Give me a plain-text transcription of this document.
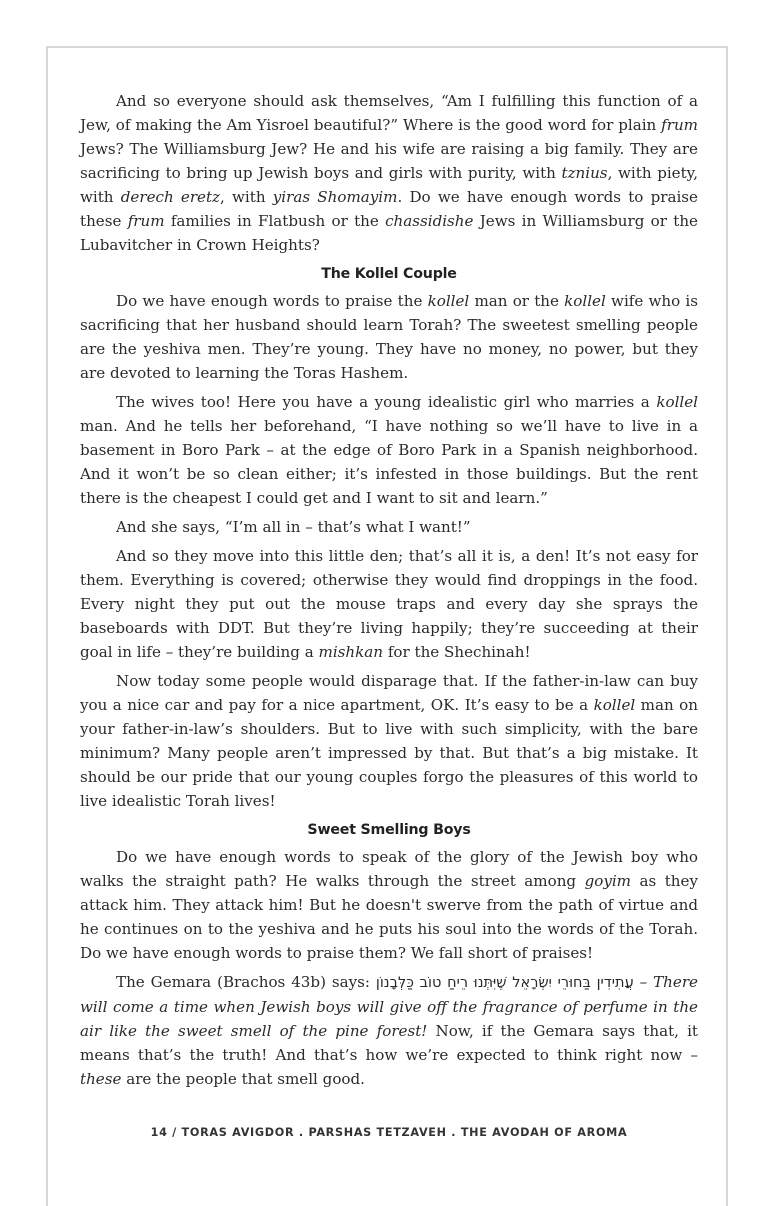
And so everyone should ask themselves, “Am I fulfilling this function of a Jew, of making the Am Yisroel beautiful?” Where is the good word for plain frum Jews? The Williamsburg Jew? He and his wife are raising a big family. They are sacrificing to bring up Jewish boys and girls with purity, with tznius, with piety, with derech eretz, with yiras Shomayim. Do we have enough words to praise these frum families in Flatbush or the chassidishe Jews in Williamsburg or the Lubavitcher in Crown Heights?

The Kollel Couple

Do we have enough words to praise the kollel man or the kollel wife who is sacrificing that her husband should learn Torah? The sweetest smelling people are the yeshiva men. They’re young. They have no money, no power, but they are devoted to learning the Toras Hashem.

The wives too! Here you have a young idealistic girl who marries a kollel man. And he tells her beforehand, “I have nothing so we’ll have to live in a basement in Boro Park – at the edge of Boro Park in a Spanish neighborhood. And it won’t be so clean either; it’s infested in those buildings. But the rent there is the cheapest I could get and I want to sit and learn.”

And she says, “I’m all in – that’s what I want!”

And so they move into this little den; that’s all it is, a den! It’s not easy for them. Everything is covered; otherwise they would find droppings in the food. Every night they put out the mouse traps and every day she sprays the baseboards with DDT. But they’re living happily; they’re succeeding at their goal in life – they’re building a mishkan for the Shechinah!

Now today some people would disparage that. If the father-in-law can buy you a nice car and pay for a nice apartment, OK. It’s easy to be a kollel man on your father-in-law’s shoulders. But to live with such simplicity, with the bare minimum? Many people aren’t impressed by that. But that’s a big mistake. It should be our pride that our young couples forgo the pleasures of this world to live idealistic Torah lives!

Sweet Smelling Boys

Do we have enough words to speak of the glory of the Jewish boy who walks the straight path? He walks through the street among goyim as they attack him. They attack him! But he doesn't swerve from the path of virtue and he continues on to the yeshiva and he puts his soul into the words of the Torah. Do we have enough words to praise them? We fall short of praises!

The Gemara (Brachos 43b) says: עֲתִידִין בַּחוּרֵי יִשְׂרָאֵל שֶׁיִּתְּנוּ רֵיחַ טוֹב כַּלְּבָנוֹן – There will come a time when Jewish boys will give off the fragrance of perfume in the air like the sweet smell of the pine forest! Now, if the Gemara says that, it means that’s the truth! And that’s how we’re expected to think right now – these are the people that smell good.

14 / TORAS AVIGDOR . PARSHAS TETZAVEH . THE AVODAH OF AROMA
